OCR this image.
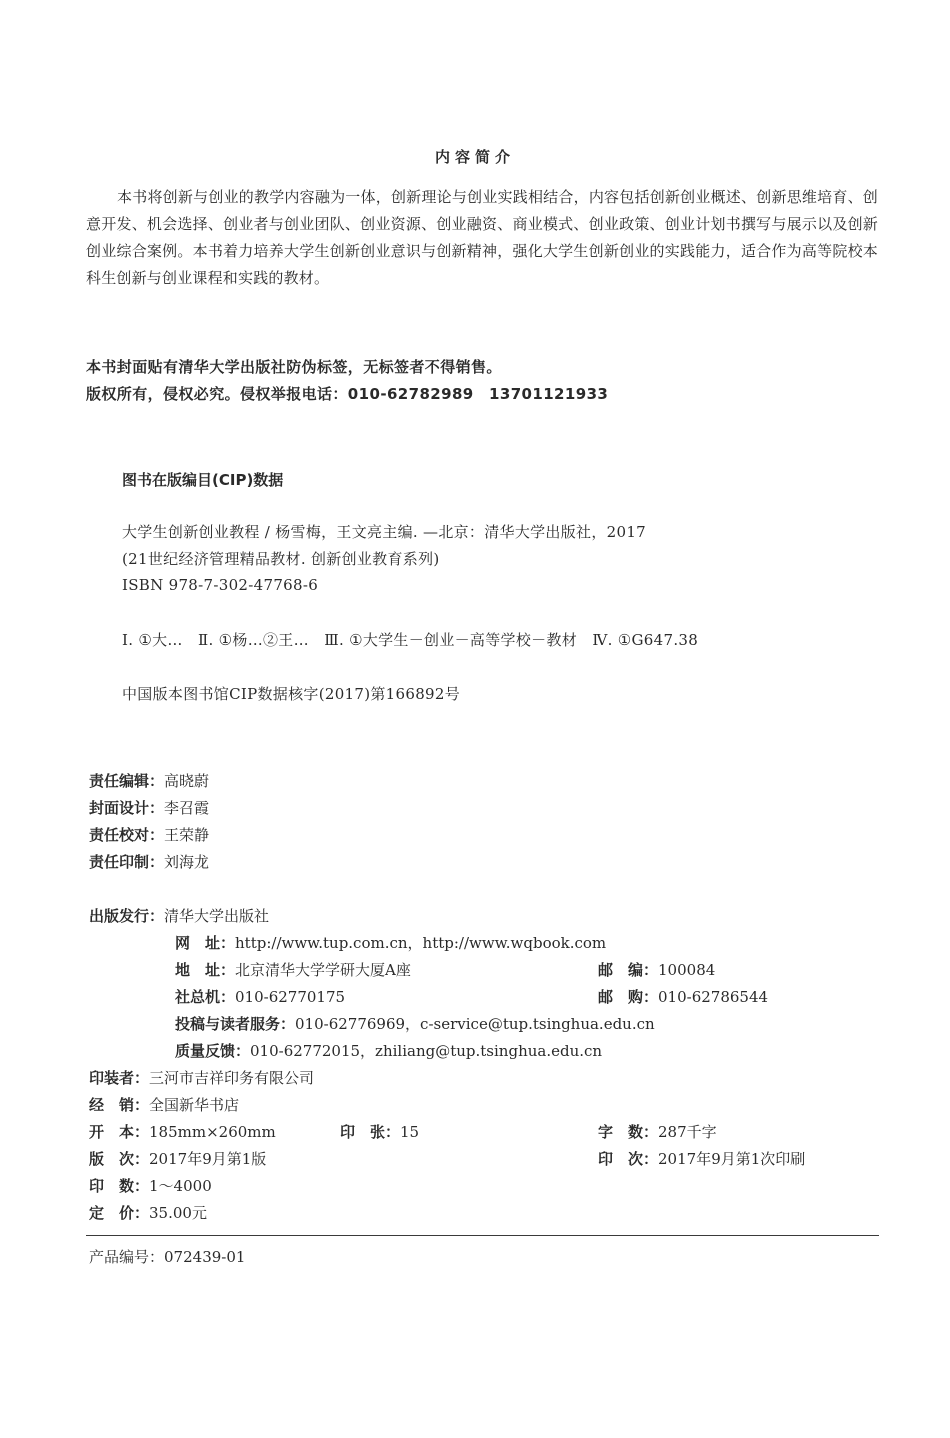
内容简介
本书将创新与创业的教学内容融为一体，创新理论与创业实践相结合，内容包括创新创业概述、创新思维培育、创意开发、机会选择、创业者与创业团队、创业资源、创业融资、商业模式、创业政策、创业计划书撰写与展示以及创新创业综合案例。本书着力培养大学生创新创业意识与创新精神，强化大学生创新创业的实践能力，适合作为高等院校本科生创新与创业课程和实践的教材。
本书封面贴有清华大学出版社防伪标签，无标签者不得销售。
版权所有，侵权必究。侵权举报电话：010-62782989　13701121933
图书在版编目(CIP)数据
大学生创新创业教程 / 杨雪梅，王文亮主编. —北京：清华大学出版社，2017
(21世纪经济管理精品教材. 创新创业教育系列)
ISBN 978-7-302-47768-6
Ⅰ. ①大…　Ⅱ. ①杨…②王…　Ⅲ. ①大学生－创业－高等学校－教材　Ⅳ. ①G647.38
中国版本图书馆CIP数据核字(2017)第166892号
责任编辑：高晓蔚
封面设计：李召霞
责任校对：王荣静
责任印制：刘海龙
出版发行：清华大学出版社
网　址：http://www.tup.com.cn，http://www.wqbook.com
地　址：北京清华大学学研大厦A座	邮　编：100084
社总机：010-62770175	邮　购：010-62786544
投稿与读者服务：010-62776969，c-service@tup.tsinghua.edu.cn
质量反馈：010-62772015，zhiliang@tup.tsinghua.edu.cn
印装者：三河市吉祥印务有限公司
经　销：全国新华书店
开　本：185mm×260mm	印　张：15	字　数：287千字
版　次：2017年9月第1版	印　次：2017年9月第1次印刷
印　数：1～4000
定　价：35.00元
产品编号：072439-01
